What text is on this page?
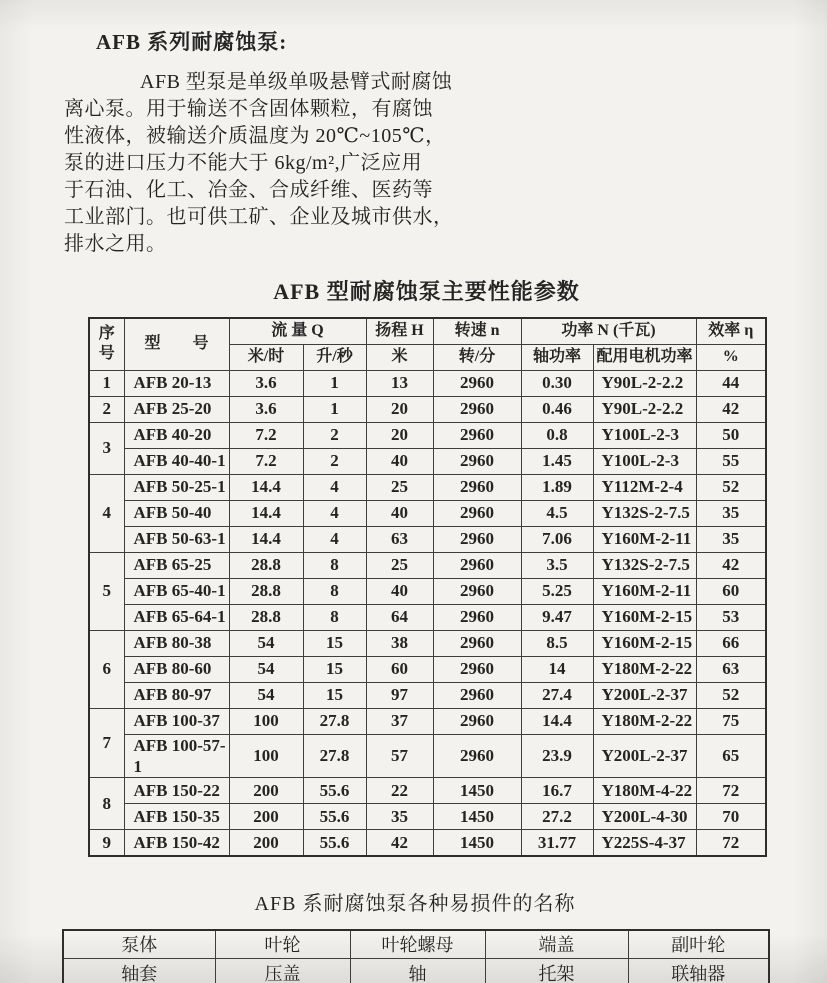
AFB 系列耐腐蚀泵:
AFB 型泵是单级单吸悬臂式耐腐蚀
离心泵。用于输送不含固体颗粒，有腐蚀
性液体，被输送介质温度为 20℃~105℃，
泵的进口压力不能大于 6kg/m²,广泛应用
于石油、化工、冶金、合成纤维、医药等
工业部门。也可供工矿、企业及城市供水，
排水之用。
AFB 型耐腐蚀泵主要性能参数
序号	型　　号	流 量 Q		扬程 H	转速 n	功率 N (千瓦)		效率 η
		米/时	升/秒	米	转/分	轴功率	配用电机功率	%
1	AFB 20-13	3.6	1	13	2960	0.30	Y90L-2-2.2	44
2	AFB 25-20	3.6	1	20	2960	0.46	Y90L-2-2.2	42
3	AFB 40-20	7.2	2	20	2960	0.8	Y100L-2-3	50
	AFB 40-40-1	7.2	2	40	2960	1.45	Y100L-2-3	55
4	AFB 50-25-1	14.4	4	25	2960	1.89	Y112M-2-4	52
	AFB 50-40	14.4	4	40	2960	4.5	Y132S-2-7.5	35
	AFB 50-63-1	14.4	4	63	2960	7.06	Y160M-2-11	35
5	AFB 65-25	28.8	8	25	2960	3.5	Y132S-2-7.5	42
	AFB 65-40-1	28.8	8	40	2960	5.25	Y160M-2-11	60
	AFB 65-64-1	28.8	8	64	2960	9.47	Y160M-2-15	53
6	AFB 80-38	54	15	38	2960	8.5	Y160M-2-15	66
	AFB 80-60	54	15	60	2960	14	Y180M-2-22	63
	AFB 80-97	54	15	97	2960	27.4	Y200L-2-37	52
7	AFB 100-37	100	27.8	37	2960	14.4	Y180M-2-22	75
	AFB 100-57-1	100	27.8	57	2960	23.9	Y200L-2-37	65
8	AFB 150-22	200	55.6	22	1450	16.7	Y180M-4-22	72
	AFB 150-35	200	55.6	35	1450	27.2	Y200L-4-30	70
9	AFB 150-42	200	55.6	42	1450	31.77	Y225S-4-37	72
AFB 系耐腐蚀泵各种易损件的名称
泵体	叶轮	叶轮螺母	端盖	副叶轮
轴套	压盖	轴	托架	联轴器
